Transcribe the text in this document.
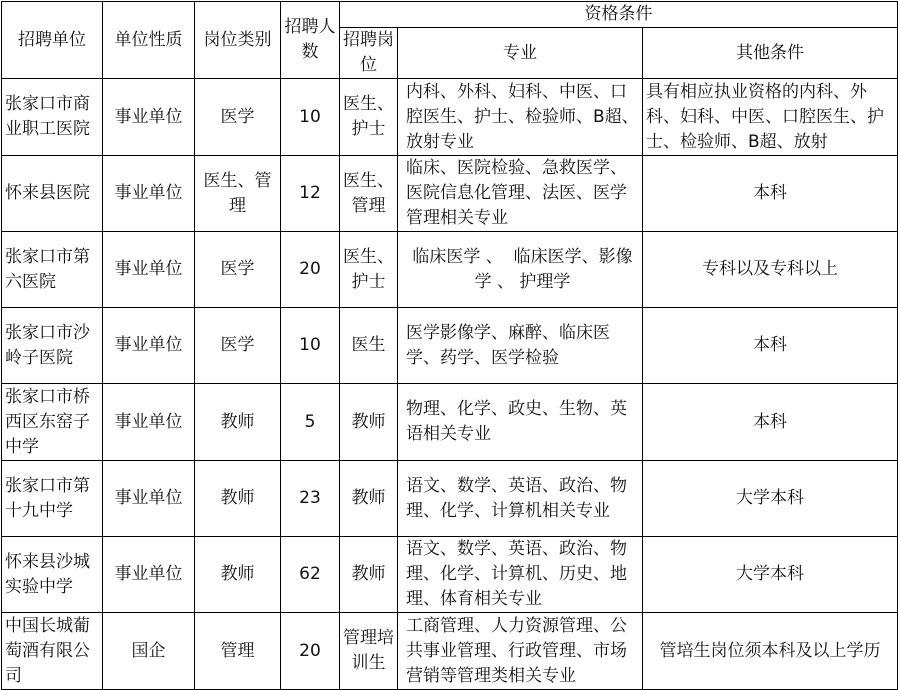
招聘单位	单位性质	岗位类别	招聘人数	资格条件		
				招聘岗位	专业	其他条件
张家口市商业职工医院	事业单位	医学	10	医生、护士	内科、外科、妇科、中医、口腔医生、护士、检验师、B超、放射专业	具有相应执业资格的内科、外科、妇科、中医、口腔医生、护士、检验师、B超、放射
怀来县医院	事业单位	医生、管理	12	医生、管理	临床、医院检验、急救医学、医院信息化管理、法医、医学管理相关专业	本科
张家口市第六医院	事业单位	医学	20	医生、护士	临床医学 、  临床医学、影像学 、 护理学	专科以及专科以上
张家口市沙岭子医院	事业单位	医学	10	医生	医学影像学、麻醉、临床医学、药学、医学检验	本科
张家口市桥西区东窑子中学	事业单位	教师	5	教师	物理、化学、政史、生物、英语相关专业	本科
张家口市第十九中学	事业单位	教师	23	教师	语文、数学、英语、政治、物理、化学、计算机相关专业	大学本科
怀来县沙城实验中学	事业单位	教师	62	教师	语文、数学、英语、政治、物理、化学、计算机、历史、地理、体育相关专业	大学本科
中国长城葡萄酒有限公司	国企	管理	20	管理培训生	工商管理、人力资源管理、公共事业管理、行政管理、市场营销等管理类相关专业	管培生岗位须本科及以上学历
